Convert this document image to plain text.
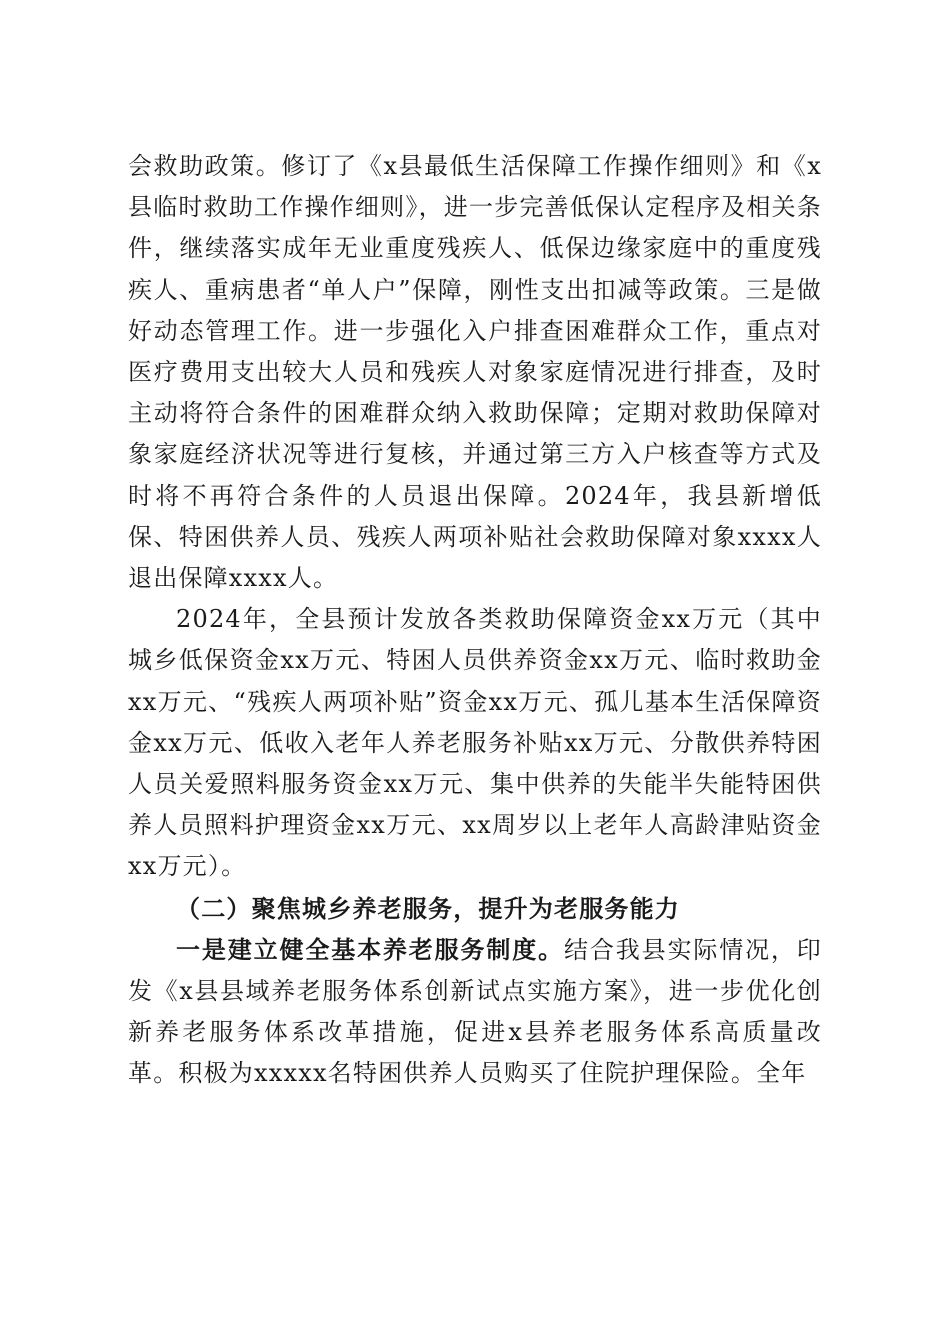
会救助政策。修订了《x县最低生活保障工作操作细则》和《x县临时救助工作操作细则》，进一步完善低保认定程序及相关条件，继续落实成年无业重度残疾人、低保边缘家庭中的重度残疾人、重病患者“单人户”保障，刚性支出扣减等政策。三是做好动态管理工作。进一步强化入户排查困难群众工作，重点对医疗费用支出较大人员和残疾人对象家庭情况进行排查，及时主动将符合条件的困难群众纳入救助保障；定期对救助保障对象家庭经济状况等进行复核，并通过第三方入户核查等方式及时将不再符合条件的人员退出保障。2024年，我县新增低保、特困供养人员、残疾人两项补贴社会救助保障对象xxxx人退出保障xxxx人。

2024年，全县预计发放各类救助保障资金xx万元（其中城乡低保资金xx万元、特困人员供养资金xx万元、临时救助金xx万元、“残疾人两项补贴”资金xx万元、孤儿基本生活保障资金xx万元、低收入老年人养老服务补贴xx万元、分散供养特困人员关爱照料服务资金xx万元、集中供养的失能半失能特困供养人员照料护理资金xx万元、xx周岁以上老年人高龄津贴资金xx万元）。

（二）聚焦城乡养老服务，提升为老服务能力

一是建立健全基本养老服务制度。结合我县实际情况，印发《x县县域养老服务体系创新试点实施方案》，进一步优化创新养老服务体系改革措施，促进x县养老服务体系高质量改革。积极为xxxxx名特困供养人员购买了住院护理保险。全年
